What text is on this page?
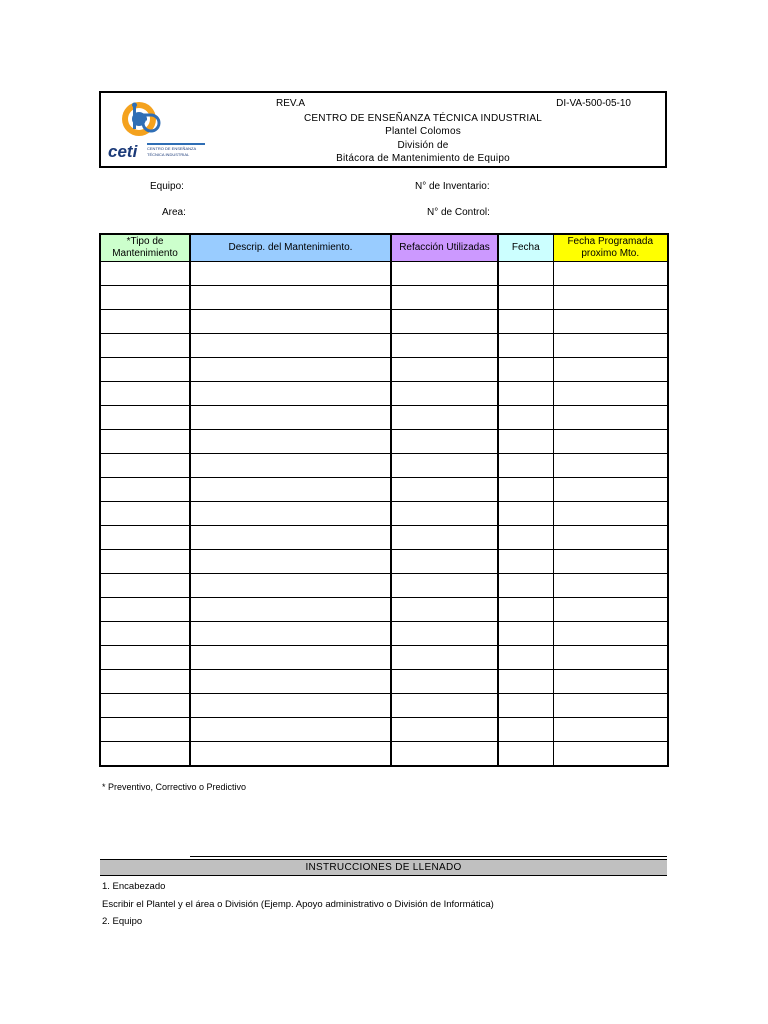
ceti	CENTRO DE ENSEÑANZA
TÉCNICA INDUSTRIAL
REV.A	DI-VA-500-05-10
CENTRO DE ENSEÑANZA TÉCNICA INDUSTRIAL
Plantel Colomos
División de
Bitácora de Mantenimiento de Equipo
Equipo:
Area:
N° de Inventario:
N° de Control:
*Tipo de Mantenimiento	Descrip. del Mantenimiento.	Refacción Utilizadas	Fecha	Fecha Programada proximo Mto.

* Preventivo, Correctivo o Predictivo
INSTRUCCIONES DE LLENADO
1. Encabezado
Escribir el Plantel y el área o División (Ejemp. Apoyo administrativo o División de Informática)
2. Equipo
